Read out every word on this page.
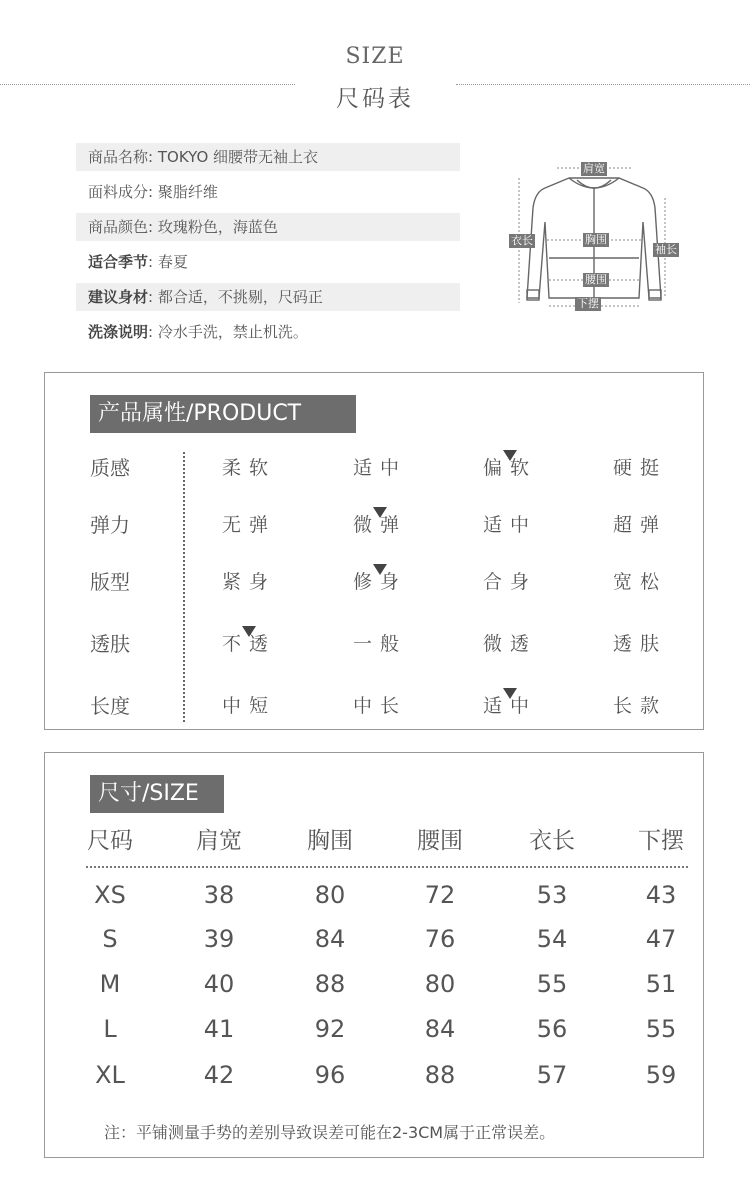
SIZE
尺码表
商品名称: TOKYO 细腰带无袖上衣
面料成分: 聚脂纤维
商品颜色: 玫瑰粉色，海蓝色
适合季节: 春夏
建议身材: 都合适，不挑剔，尺码正
洗涤说明: 冷水手洗，禁止机洗。
肩宽
衣长	胸围
袖长
腰围
下摆
产品属性/PRODUCT
质感	柔软	适中	偏软	硬挺
弹力	无弹	微弹	适中	超弹
版型	紧身	修身	合身	宽松
透肤	不透	一般	微透	透肤
长度	中短	中长	适中	长款
尺寸/SIZE
尺码	肩宽	胸围	腰围	衣长	下摆
XS	38	80	72	53	43
S	39	84	76	54	47
M	40	88	80	55	51
L	41	92	84	56	55
XL	42	96	88	57	59
注：平铺测量手势的差别导致误差可能在2-3CM属于正常误差。
